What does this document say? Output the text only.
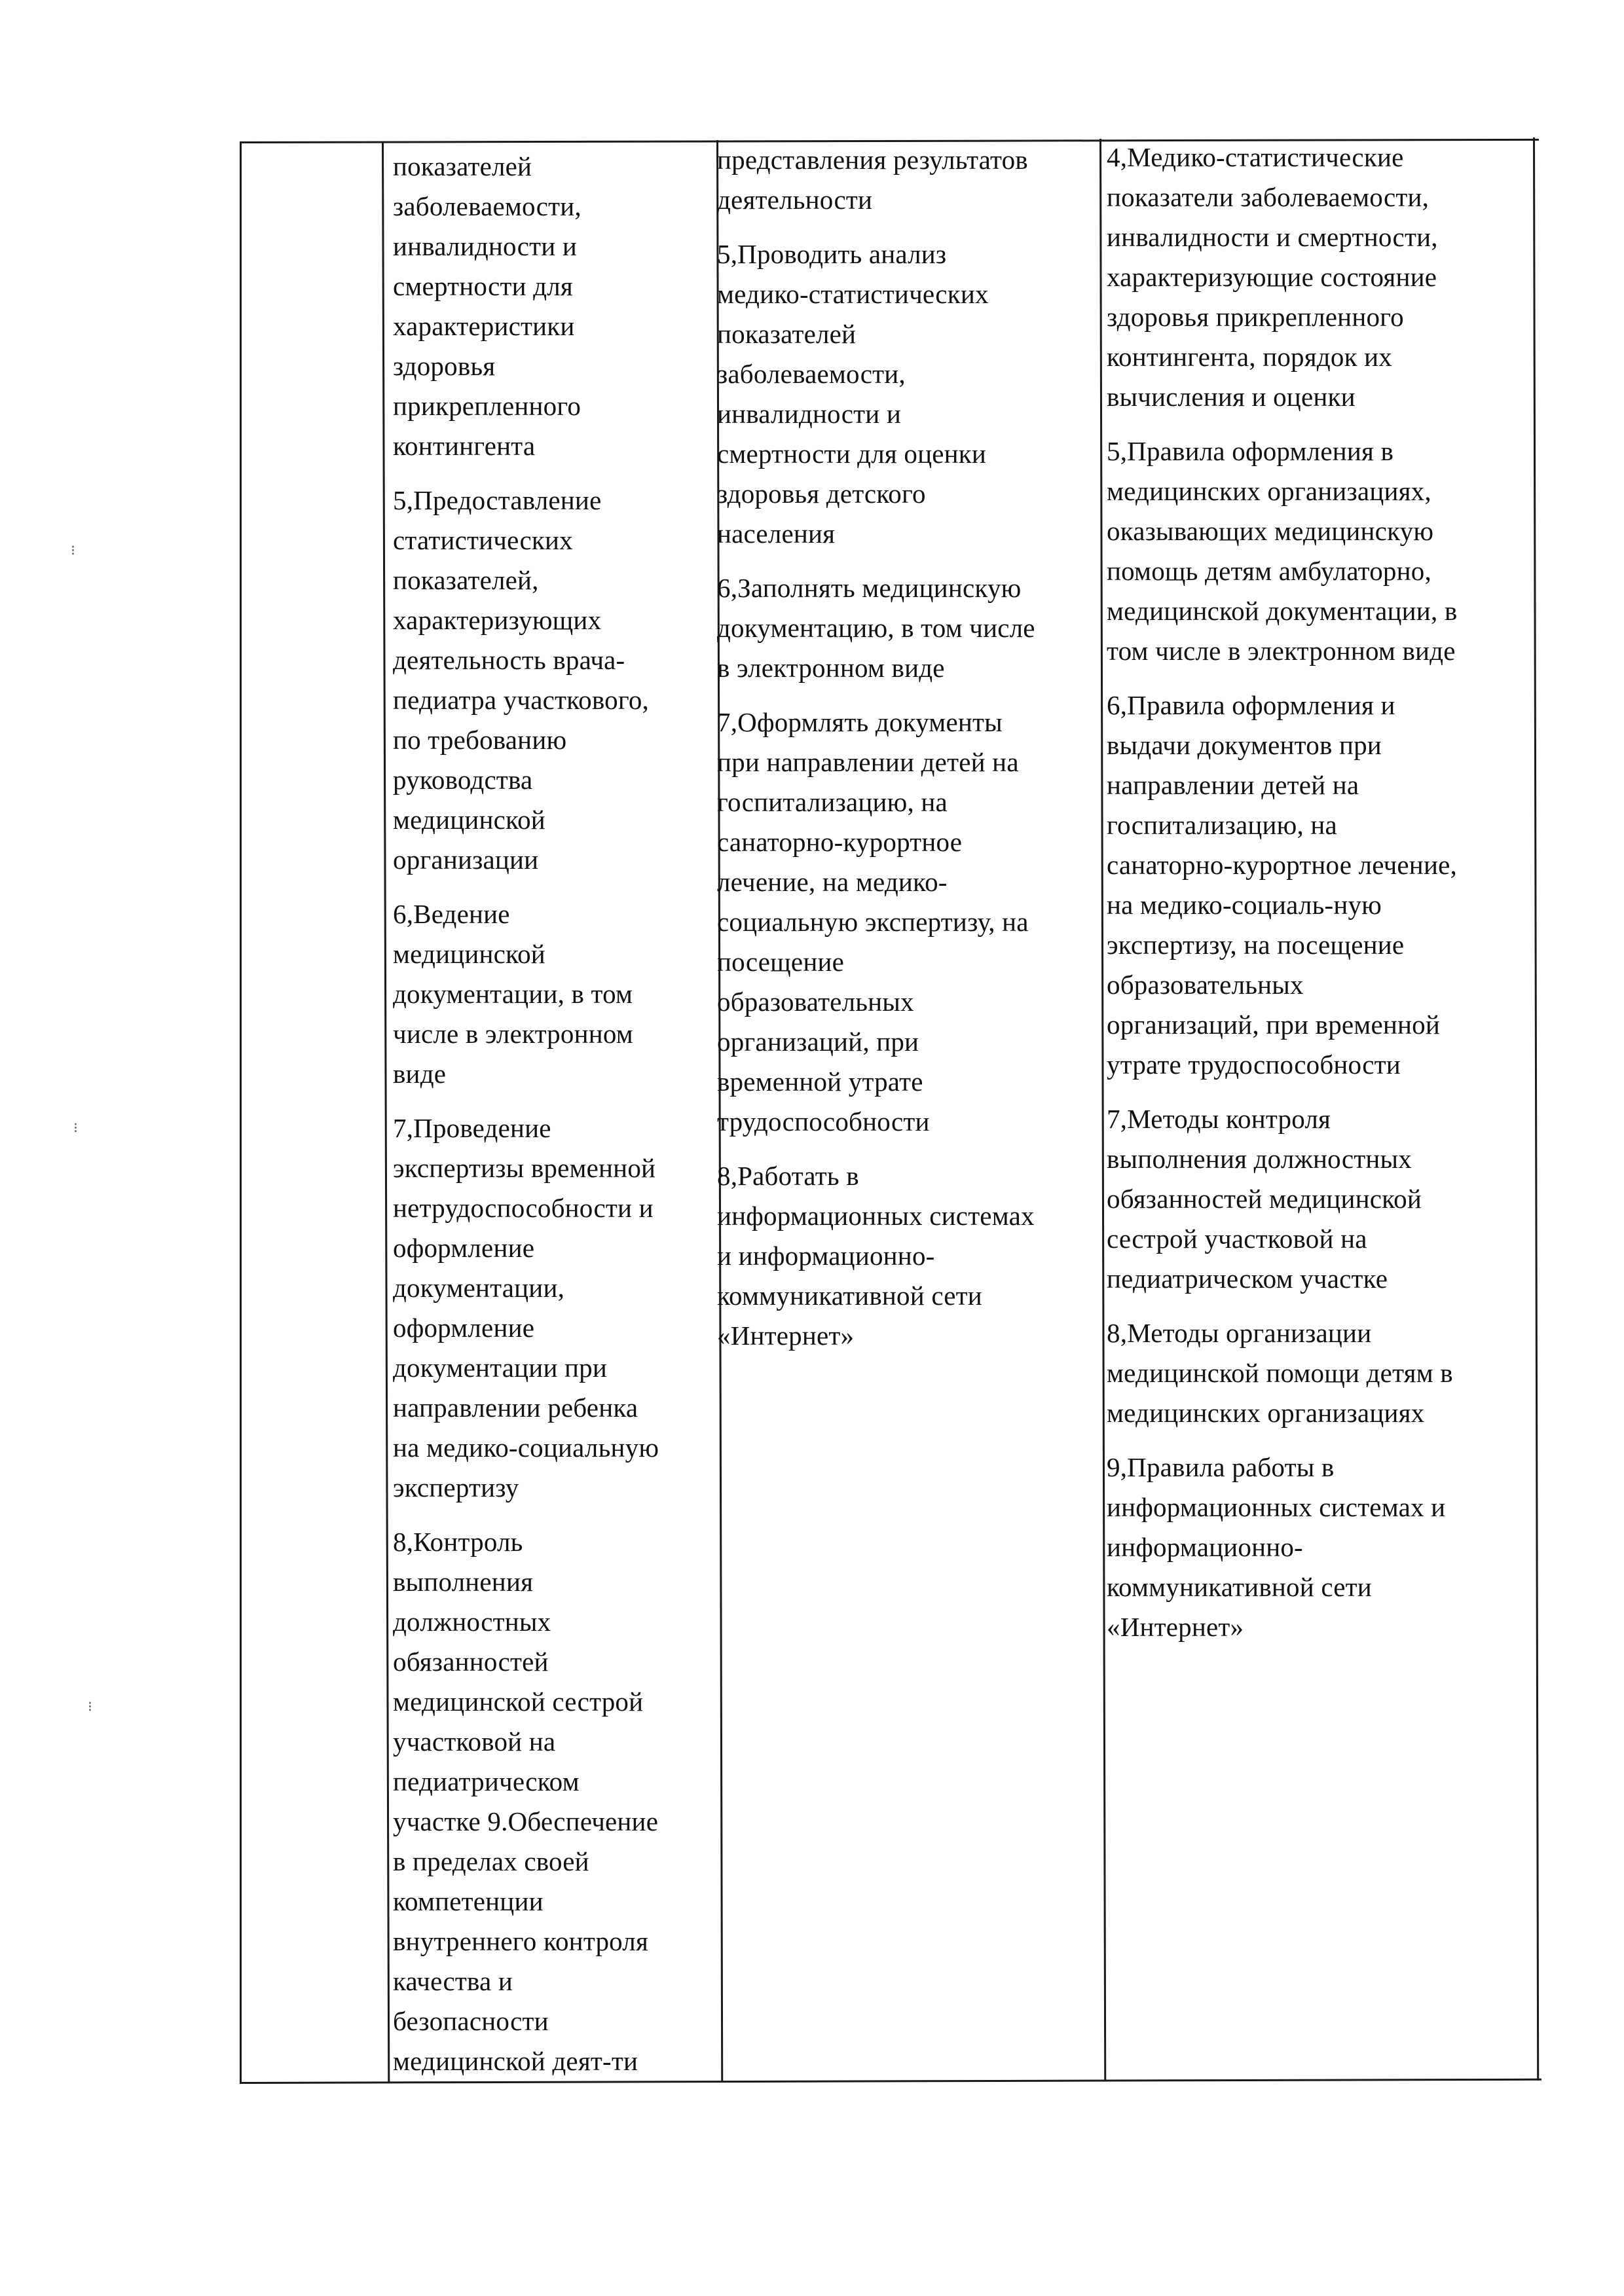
показателей
заболеваемости,
инвалидности и
смертности для
характеристики
здоровья
прикрепленного
контингента
5,Предоставление
статистических
показателей,
характеризующих
деятельность врача-
педиатра участкового,
по требованию
руководства
медицинской
организации
6,Ведение
медицинской
документации, в том
числе в электронном
виде
7,Проведение
экспертизы временной
нетрудоспособности и
оформление
документации,
оформление
документации при
направлении ребенка
на медико-социальную
экспертизу
8,Контроль
выполнения
должностных
обязанностей
медицинской сестрой
участковой на
педиатрическом
участке 9.Обеспечение
в пределах своей
компетенции
внутреннего контроля
качества и
безопасности
медицинской деят-ти
представления результатов
деятельности
5,Проводить анализ
медико-статистических
показателей
заболеваемости,
инвалидности и
смертности для оценки
здоровья детского
населения
6,Заполнять медицинскую
документацию, в том числе
в электронном виде
7,Оформлять документы
при направлении детей на
госпитализацию, на
санаторно-курортное
лечение, на медико-
социальную экспертизу, на
посещение
образовательных
организаций, при
временной утрате
трудоспособности
8,Работать в
информационных системах
и информационно-
коммуникативной сети
«Интернет»
4,Медико-статистические
показатели заболеваемости,
инвалидности и смертности,
характеризующие состояние
здоровья прикрепленного
контингента, порядок их
вычисления и оценки
5,Правила оформления в
медицинских организациях,
оказывающих медицинскую
помощь детям амбулаторно,
медицинской документации, в
том числе в электронном виде
6,Правила оформления и
выдачи документов при
направлении детей на
госпитализацию, на
санаторно-курортное лечение,
на медико-социаль-ную
экспертизу, на посещение
образовательных
организаций, при временной
утрате трудоспособности
7,Методы контроля
выполнения должностных
обязанностей медицинской
сестрой участковой на
педиатрическом участке
8,Методы организации
медицинской помощи детям в
медицинских организациях
9,Правила работы в
информационных системах и
информационно-
коммуникативной сети
«Интернет»
⁝
⁝
⁝
